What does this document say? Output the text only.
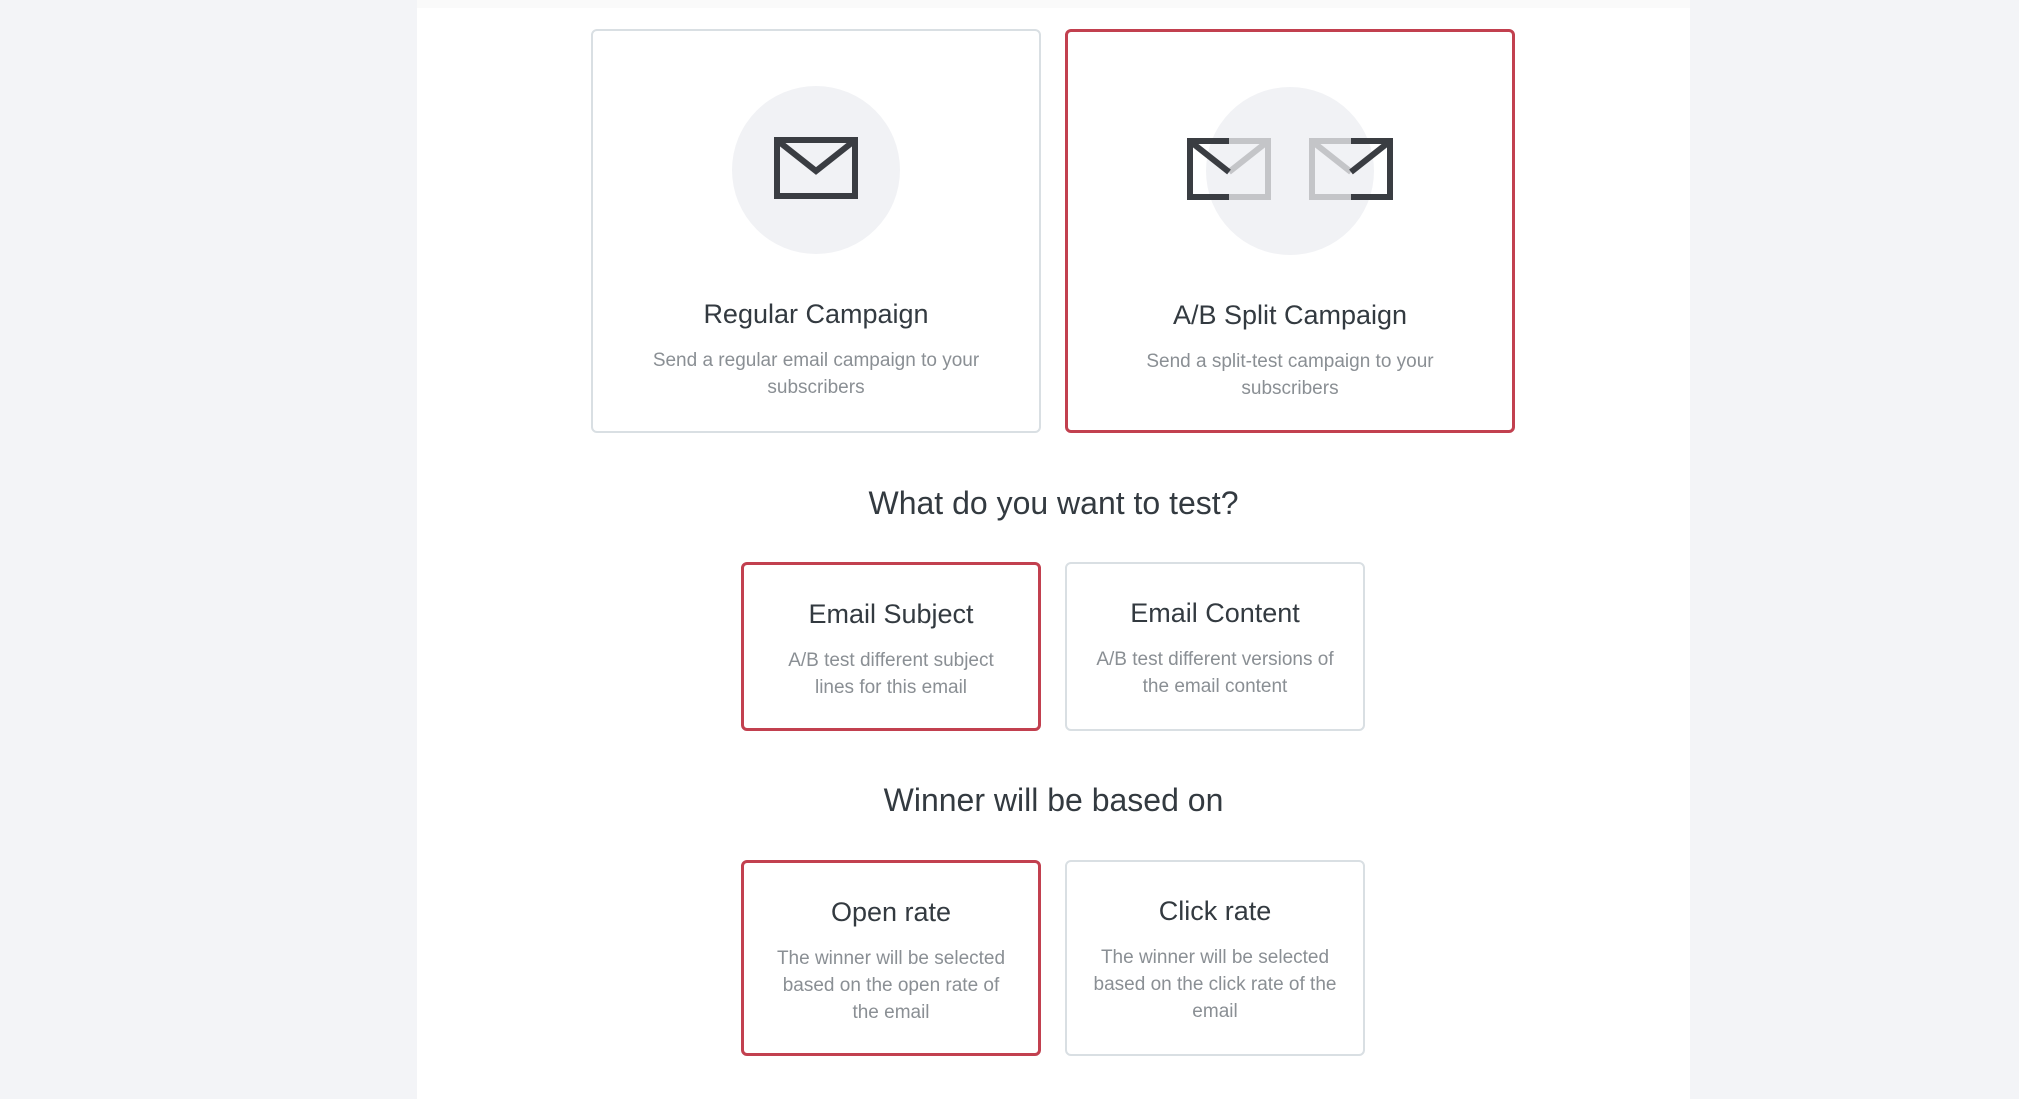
Regular Campaign
Send a regular email campaign to your subscribers
A/B Split Campaign
Send a split-test campaign to your subscribers
What do you want to test?
Email Subject
A/B test different subject lines for this email
Email Content
A/B test different versions of the email content
Winner will be based on
Open rate
The winner will be selected based on the open rate of the email
Click rate
The winner will be selected based on the click rate of the email
